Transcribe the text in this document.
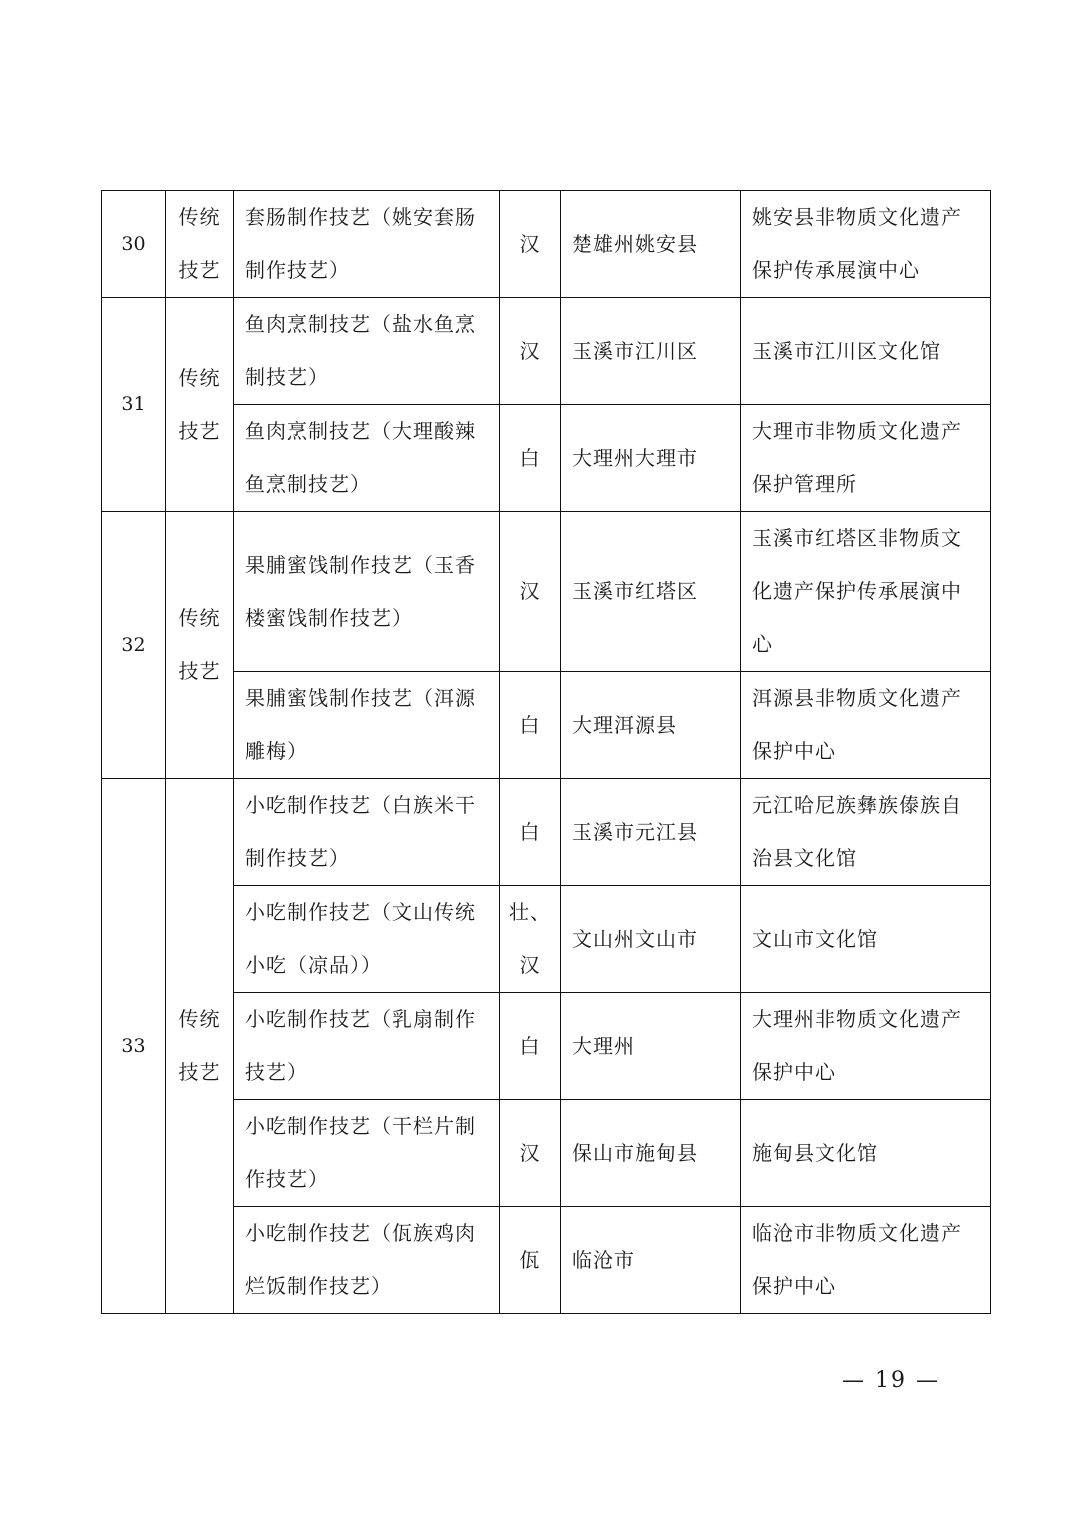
30	传统
技艺	套肠制作技艺（姚安套肠
制作技艺）	汉	楚雄州姚安县	姚安县非物质文化遗产
保护传承展演中心

31	传统
技艺	鱼肉烹制技艺（盐水鱼烹
制技艺）	汉	玉溪市江川区	玉溪市江川区文化馆

		鱼肉烹制技艺（大理酸辣
鱼烹制技艺）	白	大理州大理市	大理市非物质文化遗产
保护管理所

32	传统
技艺	果脯蜜饯制作技艺（玉香
楼蜜饯制作技艺）	汉	玉溪市红塔区	玉溪市红塔区非物质文
化遗产保护传承展演中
心

		果脯蜜饯制作技艺（洱源
雕梅）	白	大理洱源县	洱源县非物质文化遗产
保护中心

33	传统
技艺	小吃制作技艺（白族米干
制作技艺）	白	玉溪市元江县	元江哈尼族彝族傣族自
治县文化馆

		小吃制作技艺（文山传统
小吃（凉品））	壮、
汉	文山州文山市	文山市文化馆

		小吃制作技艺（乳扇制作
技艺）	白	大理州	大理州非物质文化遗产
保护中心

		小吃制作技艺（干栏片制
作技艺）	汉	保山市施甸县	施甸县文化馆

		小吃制作技艺（佤族鸡肉
烂饭制作技艺）	佤	临沧市	临沧市非物质文化遗产
保护中心
— 19 —
